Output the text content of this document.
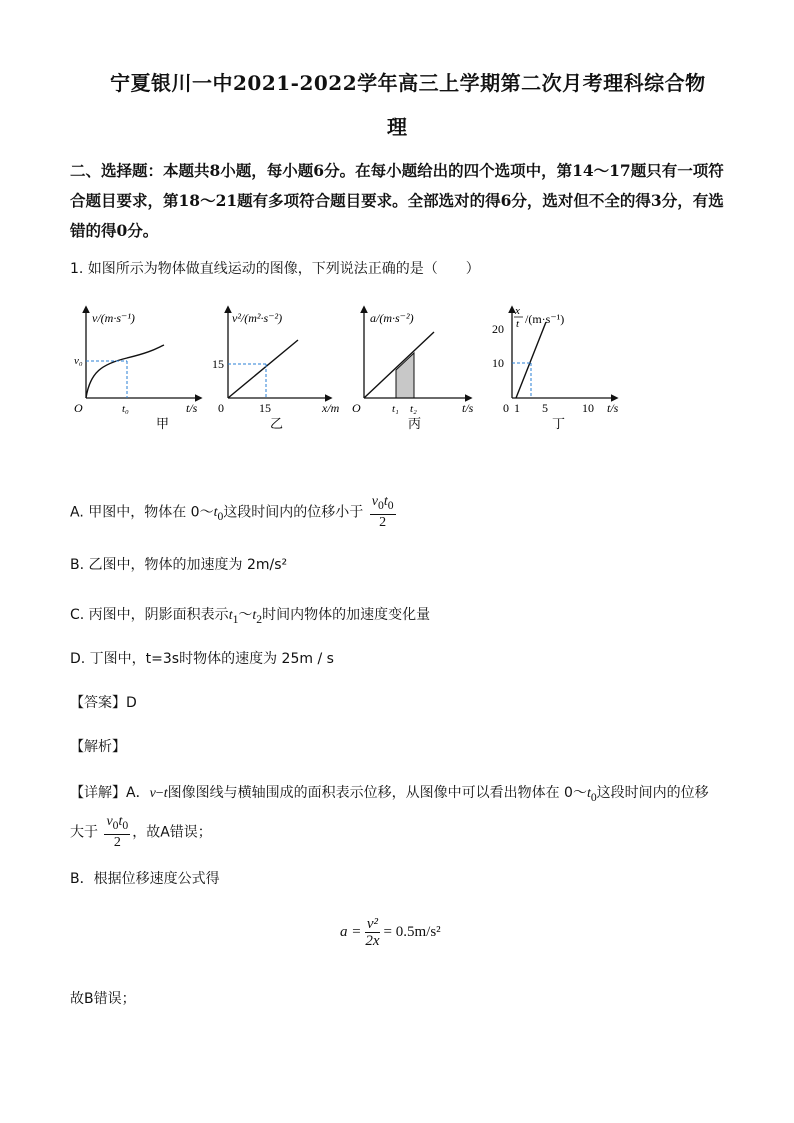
宁夏银川一中2021-2022学年高三上学期第二次月考理科综合物
理
二、选择题：本题共8小题，每小题6分。在每小题给出的四个选项中，第14～17题只有一项符合题目要求，第18～21题有多项符合题目要求。全部选对的得6分，选对但不全的得3分，有选错的得0分。
1. 如图所示为物体做直线运动的图像，下列说法正确的是（　　）
v/(m·s⁻¹)
v₀
O	t₀	t/s
甲
v²/(m²·s⁻²)
15
0	15	x/m
乙
a/(m·s⁻²)
O	t₁ t₂	t/s
丙
x
t /(m·s⁻¹)
20
10
0 1 5	10 t/s
丁
A. 甲图中，物体在 $0\sim t_0$这段时间内的位移小于 $\frac{v_0t_0}{2}$
B. 乙图中，物体的加速度为 2m/s²
C. 丙图中，阴影面积表示$t_1\sim t_2$时间内物体的加速度变化量
D. 丁图中，t=3s时物体的速度为 25m / s
【答案】D
【解析】
【详解】A．v−t图像图线与横轴围成的面积表示位移，从图像中可以看出物体在 $0\sim t_0$这段时间内的位移
大于 $\frac{v_0t_0}{2}$ ，故A错误；
B．根据位移速度公式得
$a = \frac{\text{v²}}{2x} = 0.5m/s^2$
故B错误；
